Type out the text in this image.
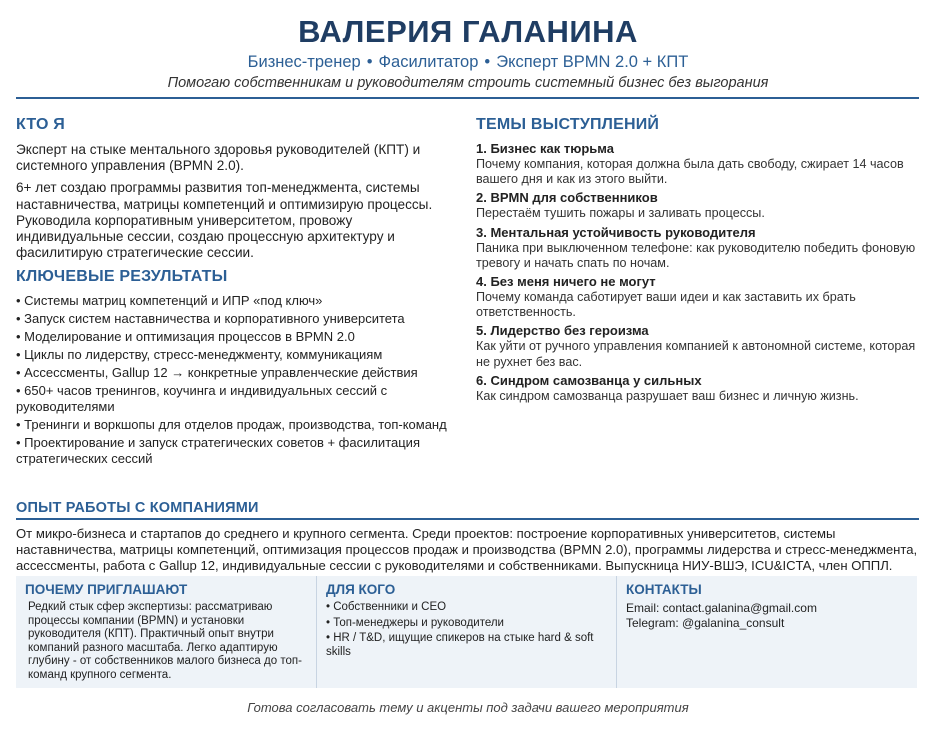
ВАЛЕРИЯ ГАЛАНИНА
Бизнес-тренер • Фасилитатор • Эксперт BPMN 2.0 + КПТ
Помогаю собственникам и руководителям строить системный бизнес без выгорания
КТО Я
Эксперт на стыке ментального здоровья руководителей (КПТ) и системного управления (BPMN 2.0).
6+ лет создаю программы развития топ-менеджмента, системы наставничества, матрицы компетенций и оптимизирую процессы. Руководила корпоративным университетом, провожу индивидуальные сессии, создаю процессную архитектуру и фасилитирую стратегические сессии.
КЛЮЧЕВЫЕ РЕЗУЛЬТАТЫ
• Системы матриц компетенций и ИПР «под ключ»
• Запуск систем наставничества и корпоративного университета
• Моделирование и оптимизация процессов в BPMN 2.0
• Циклы по лидерству, стресс-менеджменту, коммуникациям
• Ассессменты, Gallup 12 → конкретные управленческие действия
• 650+ часов тренингов, коучинга и индивидуальных сессий с руководителями
• Тренинги и воркшопы для отделов продаж, производства, топ-команд
• Проектирование и запуск стратегических советов + фасилитация стратегических сессий
ТЕМЫ ВЫСТУПЛЕНИЙ
1. Бизнес как тюрьма
Почему компания, которая должна была дать свободу, сжирает 14 часов вашего дня и как из этого выйти.
2. BPMN для собственников
Перестаём тушить пожары и заливать процессы.
3. Ментальная устойчивость руководителя
Паника при выключенном телефоне: как руководителю победить фоновую тревогу и начать спать по ночам.
4. Без меня ничего не могут
Почему команда саботирует ваши идеи и как заставить их брать ответственность.
5. Лидерство без героизма
Как уйти от ручного управления компанией к автономной системе, которая не рухнет без вас.
6. Синдром самозванца у сильных
Как синдром самозванца разрушает ваш бизнес и личную жизнь.
ОПЫТ РАБОТЫ С КОМПАНИЯМИ
От микро-бизнеса и стартапов до среднего и крупного сегмента. Среди проектов: построение корпоративных университетов, системы наставничества, матрицы компетенций, оптимизация процессов продаж и производства (BPMN 2.0), программы лидерства и стресс-менеджмента, ассессменты, работа с Gallup 12, индивидуальные сессии с руководителями и собственниками. Выпускница НИУ-ВШЭ, ICU&ICTA, член ОППЛ.
ПОЧЕМУ ПРИГЛАШАЮТ
Редкий стык сфер экспертизы: рассматриваю процессы компании (BPMN) и установки руководителя (КПТ). Практичный опыт внутри компаний разного масштаба. Легко адаптирую глубину - от собственников малого бизнеса до топ-команд крупного сегмента.
ДЛЯ КОГО
• Собственники и CEO
• Топ-менеджеры и руководители
• HR / T&D, ищущие спикеров на стыке hard & soft skills
КОНТАКТЫ
Email: contact.galanina@gmail.com
Telegram: @galanina_consult
Готова согласовать тему и акценты под задачи вашего мероприятия
